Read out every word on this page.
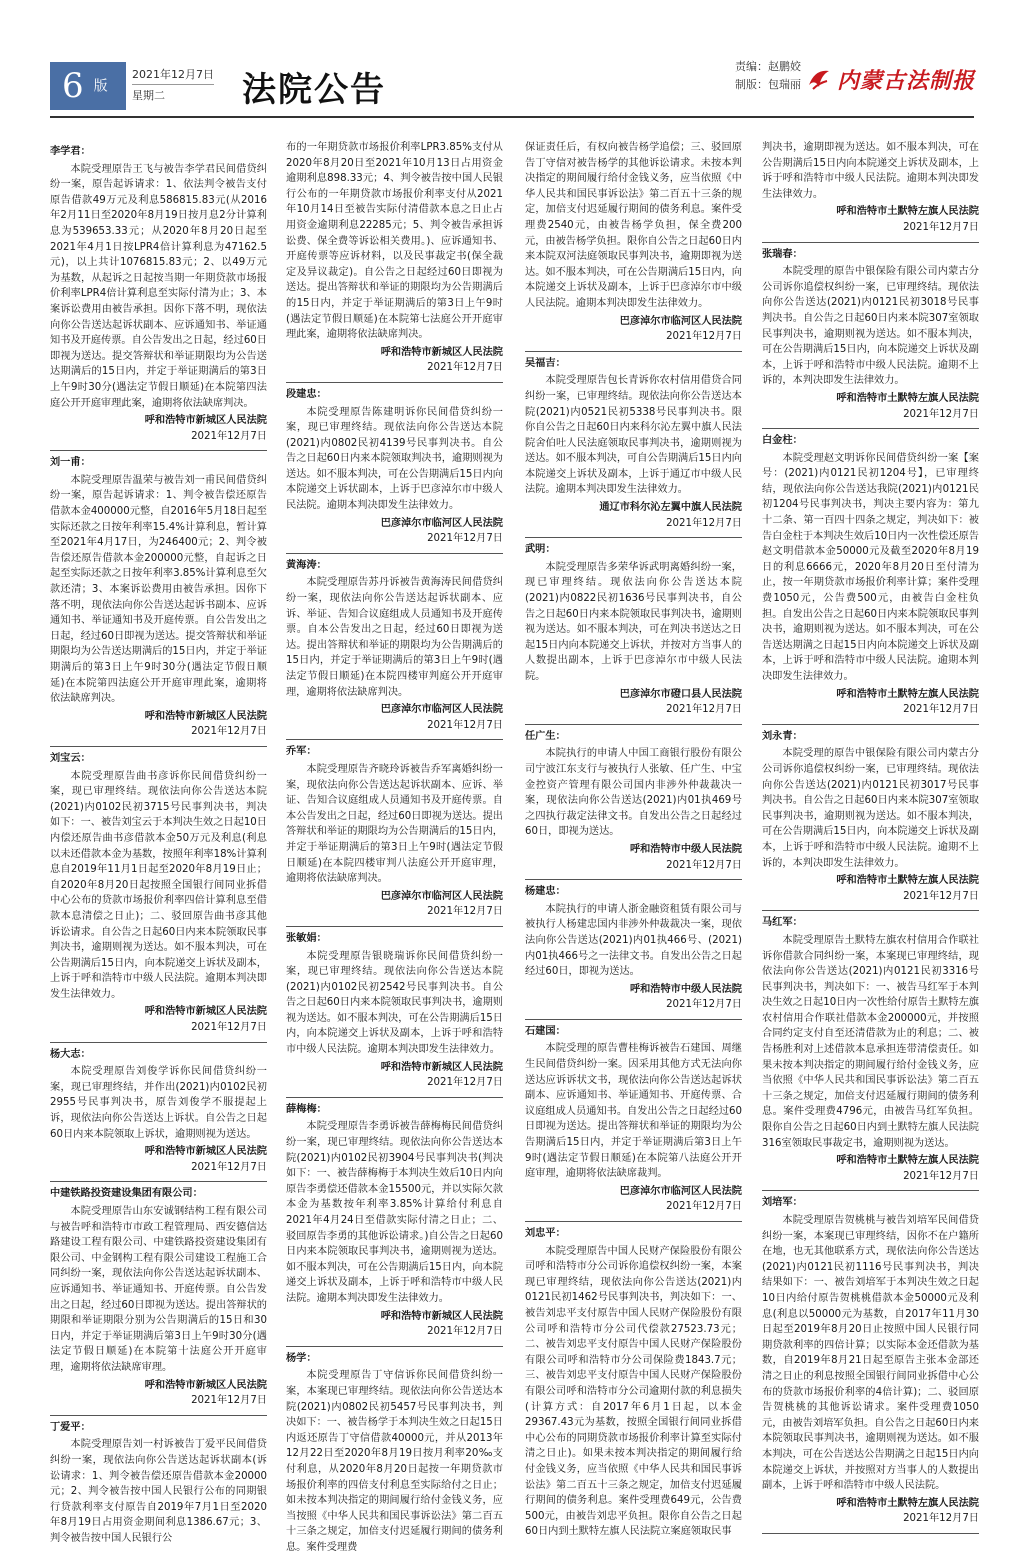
6 版
2021年12月7日
星期二	法院公告
责编：赵鹏姣
制版：包瑞丽 内蒙古法制报
李学君：

本院受理原告王飞与被告李学君民间借贷纠纷一案，原告起诉请求：1、依法判令被告支付原告借款49万元及利息586815.83元(从2016年2月11日至2020年8月19日按月息2分计算利息为539653.33元；从2020年8月20日起至2021年4月1日按LPR4倍计算利息为47162.5元)，以上共计1076815.83元；2、以49万元为基数，从起诉之日起按当期一年期贷款市场报价利率LPR4倍计算利息至实际付清为止；3、本案诉讼费用由被告承担。因你下落不明，现依法向你公告送达起诉状副本、应诉通知书、举证通知书及开庭传票。自公告发出之日起，经过60日即视为送达。提交答辩状和举证期限均为公告送达期满后的15日内，并定于举证期满后的第3日上午9时30分(遇法定节假日顺延)在本院第四法庭公开开庭审理此案，逾期将依法缺席判决。

呼和浩特市新城区人民法院
2021年12月7日
刘一甫：

本院受理原告温荣与被告刘一甫民间借贷纠纷一案，原告起诉请求：1、判令被告偿还原告借款本金400000元整，自2016年5月18日起至实际还款之日按年利率15.4%计算利息，暂计算至2021年4月17日，为246400元；2、判令被告偿还原告借款本金200000元整，自起诉之日起至实际还款之日按年利率3.85%计算利息至欠款还清；3、本案诉讼费用由被告承担。因你下落不明，现依法向你公告送达起诉书副本、应诉通知书、举证通知书及开庭传票。自公告发出之日起，经过60日即视为送达。提交答辩状和举证期限均为公告送达期满后的15日内，并定于举证期满后的第3日上午9时30分(遇法定节假日顺延)在本院第四法庭公开开庭审理此案，逾期将依法缺席判决。

呼和浩特市新城区人民法院
2021年12月7日
刘宝云：

本院受理原告曲书彦诉你民间借贷纠纷一案，现已审理终结。现依法向你公告送达本院(2021)内0102民初3715号民事判决书，判决如下：一、被告刘宝云于本判决生效之日起10日内偿还原告曲书彦借款本金50万元及利息(利息以未还借款本金为基数，按照年利率18%计算利息自2019年11月1日起至2020年8月19日止；自2020年8月20日起按照全国银行间同业拆借中心公布的贷款市场报价利率四倍计算利息至借款本息清偿之日止)；二、驳回原告曲书彦其他诉讼请求。自公告之日起60日内来本院领取民事判决书，逾期则视为送达。如不服本判决，可在公告期满后15日内，向本院递交上诉状及副本，上诉于呼和浩特市中级人民法院。逾期本判决即发生法律效力。

呼和浩特市新城区人民法院
2021年12月7日
杨大志：

本院受理原告刘俊学诉你民间借贷纠纷一案，现已审理终结，并作出(2021)内0102民初2955号民事判决书，原告刘俊学不服提起上诉，现依法向你公告送达上诉状。自公告之日起60日内来本院领取上诉状，逾期则视为送达。

呼和浩特市新城区人民法院
2021年12月7日
中建铁路投资建设集团有限公司：

本院受理原告山东安诚钢结构工程有限公司与被告呼和浩特市市政工程管理局、西安德信达路建设工程有限公司、中建铁路投资建设集团有限公司、中金钢构工程有限公司建设工程施工合同纠纷一案，现依法向你公告送达起诉状副本、应诉通知书、举证通知书、开庭传票。自公告发出之日起，经过60日即视为送达。提出答辩状的期限和举证期限分别为公告期满后的15日和30日内，并定于举证期满后第3日上午9时30分(遇法定节假日顺延)在本院第十法庭公开开庭审理，逾期将依法缺席审理。

呼和浩特市新城区人民法院
2021年12月7日
丁爱平：

本院受理原告刘一村诉被告丁爱平民间借贷纠纷一案，现依法向你公告送达起诉状副本(诉讼请求：1、判令被告偿还原告借款本金20000元；2、判令被告按中国人民银行公布的同期银行贷款利率支付原告自2019年7月1日至2020年8月19日占用资金期间利息1386.67元；3、判令被告按中国人民银行公

布的一年期贷款市场报价利率LPR3.85%支付从2020年8月20日至2021年10月13日占用资金逾期利息898.33元；4、判令被告按中国人民银行公布的一年期贷款市场报价利率支付从2021年10月14日至被告实际付清借款本息之日止占用资金逾期利息22285元；5、判令被告承担诉讼费、保全费等诉讼相关费用。)、应诉通知书、开庭传票等应诉材料，以及民事裁定书(保全裁定及异议裁定)。自公告之日起经过60日即视为送达。提出答辩状和举证的期限均为公告期满后的15日内，并定于举证期满后的第3日上午9时(遇法定节假日顺延)在本院第七法庭公开开庭审理此案，逾期将依法缺席判决。

呼和浩特市新城区人民法院
2021年12月7日
段建忠：

本院受理原告陈建明诉你民间借贷纠纷一案，现已审理终结。现依法向你公告送达本院(2021)内0802民初4139号民事判决书。自公告之日起60日内来本院领取判决书，逾期则视为送达。如不服本判决，可在公告期满后15日内向本院递交上诉状副本，上诉于巴彦淖尔市中级人民法院。逾期本判决即发生法律效力。

巴彦淖尔市临河区人民法院
2021年12月7日
黄海涛：

本院受理原告苏丹诉被告黄海涛民间借贷纠纷一案，现依法向你公告送达起诉状副本、应诉、举证、告知合议庭组成人员通知书及开庭传票。自本公告发出之日起，经过60日即视为送达。提出答辩状和举证的期限均为公告期满后的15日内，并定于举证期满后的第3日上午9时(遇法定节假日顺延)在本院四楼审判庭公开开庭审理，逾期将依法缺席判决。

巴彦淖尔市临河区人民法院
2021年12月7日
乔军：

本院受理原告齐晓玲诉被告乔军离婚纠纷一案，现依法向你公告送达起诉状副本、应诉、举证、告知合议庭组成人员通知书及开庭传票。自本公告发出之日起，经过60日即视为送达。提出答辩状和举证的期限均为公告期满后的15日内，并定于举证期满后的第3日上午9时(遇法定节假日顺延)在本院四楼审判八法庭公开开庭审理，逾期将依法缺席判决。

巴彦淖尔市临河区人民法院
2021年12月7日
张敏娟：

本院受理原告银晓瑞诉你民间借贷纠纷一案，现已审理终结。现依法向你公告送达本院(2021)内0102民初2542号民事判决书。自公告之日起60日内来本院领取民事判决书，逾期则视为送达。如不服本判决，可在公告期满后15日内，向本院递交上诉状及副本，上诉于呼和浩特市中级人民法院。逾期本判决即发生法律效力。

呼和浩特市新城区人民法院
2021年12月7日
薛梅梅：

本院受理原告李勇诉被告薛梅梅民间借贷纠纷一案，现已审理终结。现依法向你公告送达本院(2021)内0102民初3904号民事判决书(判决如下：一、被告薛梅梅于本判决生效后10日内向原告李勇偿还借款本金15500元，并以实际欠款本金为基数按年利率3.85%计算给付利息自2021年4月24日至借款实际付清之日止；二、驳回原告李勇的其他诉讼请求。)自公告之日起60日内来本院领取民事判决书，逾期则视为送达。如不服本判决，可在公告期满后15日内，向本院递交上诉状及副本，上诉于呼和浩特市中级人民法院。逾期本判决即发生法律效力。

呼和浩特市新城区人民法院
2021年12月7日
杨学：

本院受理原告丁守信诉你民间借贷纠纷一案，本案现已审理终结。现依法向你公告送达本院(2021)内0802民初5457号民事判决书，判决如下：一、被告杨学于本判决生效之日起15日内返还原告丁守信借款40000元，并从2013年12月22日至2020年8月19日按月利率20‰支付利息，从2020年8月20日起按一年期贷款市场报价利率的四倍支付利息至实际给付之日止；如未按本判决指定的期间履行给付金钱义务，应当按照《中华人民共和国民事诉讼法》第二百五十三条之规定，加倍支付迟延履行期间的债务利息。案件受理费

保证责任后，有权向被告杨学追偿；三、驳回原告丁守信对被告杨学的其他诉讼请求。未按本判决指定的期间履行给付金钱义务，应当依照《中华人民共和国民事诉讼法》第二百五十三条的规定，加倍支付迟延履行期间的债务利息。案件受理费2540元，由被告杨学负担，保全费200元，由被告杨学负担。限你自公告之日起60日内来本院双河法庭领取民事判决书，逾期即视为送达。如不服本判决，可在公告期满后15日内，向本院递交上诉状及副本，上诉于巴彦淖尔市中级人民法院。逾期本判决即发生法律效力。

巴彦淖尔市临河区人民法院
2021年12月7日
吴福吉：

本院受理原告包长青诉你农村信用借贷合同纠纷一案，已审理终结。现依法向你公告送达本院(2021)内0521民初5338号民事判决书。限你自公告之日起60日内来科尔沁左翼中旗人民法院舍伯吐人民法庭领取民事判决书，逾期则视为送达。如不服本判决，可自公告期满后15日内向本院递交上诉状及副本，上诉于通辽市中级人民法院。逾期本判决即发生法律效力。

通辽市科尔沁左翼中旗人民法院
2021年12月7日
武明：

本院受理原告多荣华诉武明离婚纠纷一案，现已审理终结。现依法向你公告送达本院(2021)内0822民初1636号民事判决书，自公告之日起60日内来本院领取民事判决书，逾期则视为送达。如不服本判决，可在判决书送达之日起15日内向本院递交上诉状，并按对方当事人的人数提出副本，上诉于巴彦淖尔市中级人民法院。

巴彦淖尔市磴口县人民法院
2021年12月7日
任广生：

本院执行的申请人中国工商银行股份有限公司宁波江东支行与被执行人张敏、任广生、中宝金控资产管理有限公司国内非涉外仲裁裁决一案，现依法向你公告送达(2021)内01执469号之四执行裁定法律文书。自发出公告之日起经过60日，即视为送达。

呼和浩特市中级人民法院
2021年12月7日
杨建忠：

本院执行的申请人浙金融资租赁有限公司与被执行人杨建忠国内非涉外仲裁裁决一案，现依法向你公告送达(2021)内01执466号、(2021)内01执466号之一法律文书。自发出公告之日起经过60日，即视为送达。

呼和浩特市中级人民法院
2021年12月7日
石建国：

本院受理的原告曹桂梅诉被告石建国、周继生民间借贷纠纷一案。因采用其他方式无法向你送达应诉诉状文书，现依法向你公告送达起诉状副本、应诉通知书、举证通知书、开庭传票、合议庭组成人员通知书。自发出公告之日起经过60日即视为送达。提出答辩状和举证的期限均为公告期满后15日内，并定于举证期满后第3日上午9时(遇法定节假日顺延)在本院第八法庭公开开庭审理，逾期将依法缺席裁判。

巴彦淖尔市临河区人民法院
2021年12月7日
刘忠平：

本院受理原告中国人民财产保险股份有限公司呼和浩特市分公司诉你追偿权纠纷一案，本案现已审理终结，现依法向你公告送达(2021)内0121民初1462号民事判决书，判决如下：一、被告刘忠平支付原告中国人民财产保险股份有限公司呼和浩特市分公司代偿款27523.73元；二、被告刘忠平支付原告中国人民财产保险股份有限公司呼和浩特市分公司保险费1843.7元；三、被告刘忠平支付原告中国人民财产保险股份有限公司呼和浩特市分公司逾期付款的利息损失(计算方式：自2017年6月1日起，以本金29367.43元为基数，按照全国银行间同业拆借中心公布的同期贷款市场报价利率计算至实际付清之日止)。如果未按本判决指定的期间履行给付金钱义务，应当依照《中华人民共和国民事诉讼法》第二百五十三条之规定，加倍支付迟延履行期间的债务利息。案件受理费649元，公告费500元，由被告刘忠平负担。限你自公告之日起60日内到土默特左旗人民法院立案庭领取民事

判决书，逾期即视为送达。如不服本判决，可在公告期满后15日内向本院递交上诉状及副本，上诉于呼和浩特市中级人民法院。逾期本判决即发生法律效力。

呼和浩特市土默特左旗人民法院
2021年12月7日
张瑞春：

本院受理的原告中银保险有限公司内蒙古分公司诉你追偿权纠纷一案，已审理终结。现依法向你公告送达(2021)内0121民初3018号民事判决书。自公告之日起60日内来本院307室领取民事判决书，逾期则视为送达。如不服本判决，可在公告期满后15日内，向本院递交上诉状及副本，上诉于呼和浩特市中级人民法院。逾期不上诉的，本判决即发生法律效力。

呼和浩特市土默特左旗人民法院
2021年12月7日
白金柱：

本院受理赵文明诉你民间借贷纠纷一案【案号：(2021)内0121民初1204号】，已审理终结，现依法向你公告送达我院(2021)内0121民初1204号民事判决书，判决主要内容为：第九十二条、第一百四十四条之规定，判决如下：被告白金柱于本判决生效后10日内一次性偿还原告赵文明借款本金50000元及截至2020年8月19日的利息6666元，2020年8月20日至付清为止，按一年期贷款市场报价利率计算；案件受理费1050元，公告费500元，由被告白金柱负担。自发出公告之日起60日内来本院领取民事判决书，逾期则视为送达。如不服本判决，可在公告送达期满之日起15日内向本院递交上诉状及副本，上诉于呼和浩特市中级人民法院。逾期本判决即发生法律效力。

呼和浩特市土默特左旗人民法院
2021年12月7日
刘永青：

本院受理的原告中银保险有限公司内蒙古分公司诉你追偿权纠纷一案，已审理终结。现依法向你公告送达(2021)内0121民初3017号民事判决书。自公告之日起60日内来本院307室领取民事判决书，逾期则视为送达。如不服本判决，可在公告期满后15日内，向本院递交上诉状及副本，上诉于呼和浩特市中级人民法院。逾期不上诉的，本判决即发生法律效力。

呼和浩特市土默特左旗人民法院
2021年12月7日
马红军：

本院受理原告土默特左旗农村信用合作联社诉你借款合同纠纷一案，本案现已审理终结，现依法向你公告送达(2021)内0121民初3316号民事判决书，判决如下：一、被告马红军于本判决生效之日起10日内一次性给付原告土默特左旗农村信用合作联社借款本金200000元，并按照合同约定支付自至还清借款为止的利息；二、被告杨胜利对上述借款本息承担连带清偿责任。如果未按本判决指定的期间履行给付金钱义务，应当依照《中华人民共和国民事诉讼法》第二百五十三条之规定，加倍支付迟延履行期间的债务利息。案件受理费4796元，由被告马红军负担。限你自公告之日起60日内到土默特左旗人民法院316室领取民事裁定书，逾期则视为送达。

呼和浩特市土默特左旗人民法院
2021年12月7日
刘培军：

本院受理原告贺桃桃与被告刘培军民间借贷纠纷一案，本案现已审理终结，因你不在户籍所在地，也无其他联系方式，现依法向你公告送达(2021)内0121民初1116号民事判决书，判决结果如下：一、被告刘培军于本判决生效之日起10日内给付原告贺桃桃借款本金50000元及利息(利息以50000元为基数，自2017年11月30日起至2019年8月20日止按照中国人民银行同期贷款利率的四倍计算；以实际本金还借款为基数，自2019年8月21日起至原告主张本金部还清之日止的利息按照全国银行间同业拆借中心公布的贷款市场报价利率的4倍计算)；二、驳回原告贺桃桃的其他诉讼请求。案件受理费1050元，由被告刘培军负担。自公告之日起60日内来本院领取民事判决书，逾期则视为送达。如不服本判决，可在公告送达公告期满之日起15日内向本院递交上诉状，并按照对方当事人的人数提出副本，上诉于呼和浩特市中级人民法院。

呼和浩特市土默特左旗人民法院
2021年12月7日
